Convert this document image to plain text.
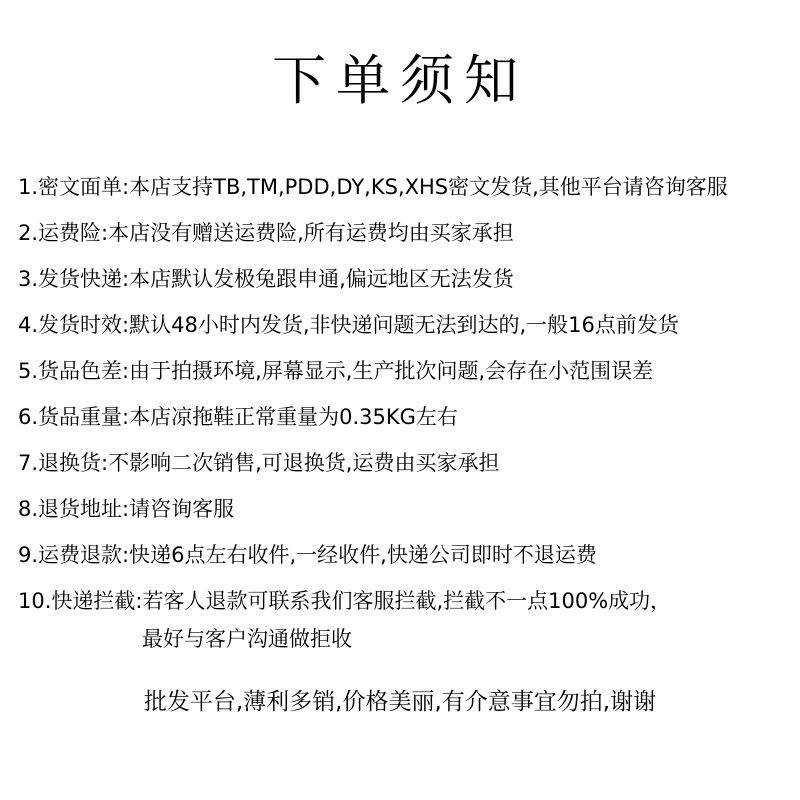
下单须知
1.密文面单:本店支持TB,TM,PDD,DY,KS,XHS密文发货,其他平台请咨询客服
2.运费险:本店没有赠送运费险,所有运费均由买家承担
3.发货快递:本店默认发极兔跟申通,偏远地区无法发货
4.发货时效:默认48小时内发货,非快递问题无法到达的,一般16点前发货
5.货品色差:由于拍摄环境,屏幕显示,生产批次问题,会存在小范围误差
6.货品重量:本店凉拖鞋正常重量为0.35KG左右
7.退换货:不影响二次销售,可退换货,运费由买家承担
8.退货地址:请咨询客服
9.运费退款:快递6点左右收件,一经收件,快递公司即时不退运费
10.快递拦截:若客人退款可联系我们客服拦截,拦截不一点100%成功，
最好与客户沟通做拒收
批发平台,薄利多销,价格美丽,有介意事宜勿拍,谢谢
